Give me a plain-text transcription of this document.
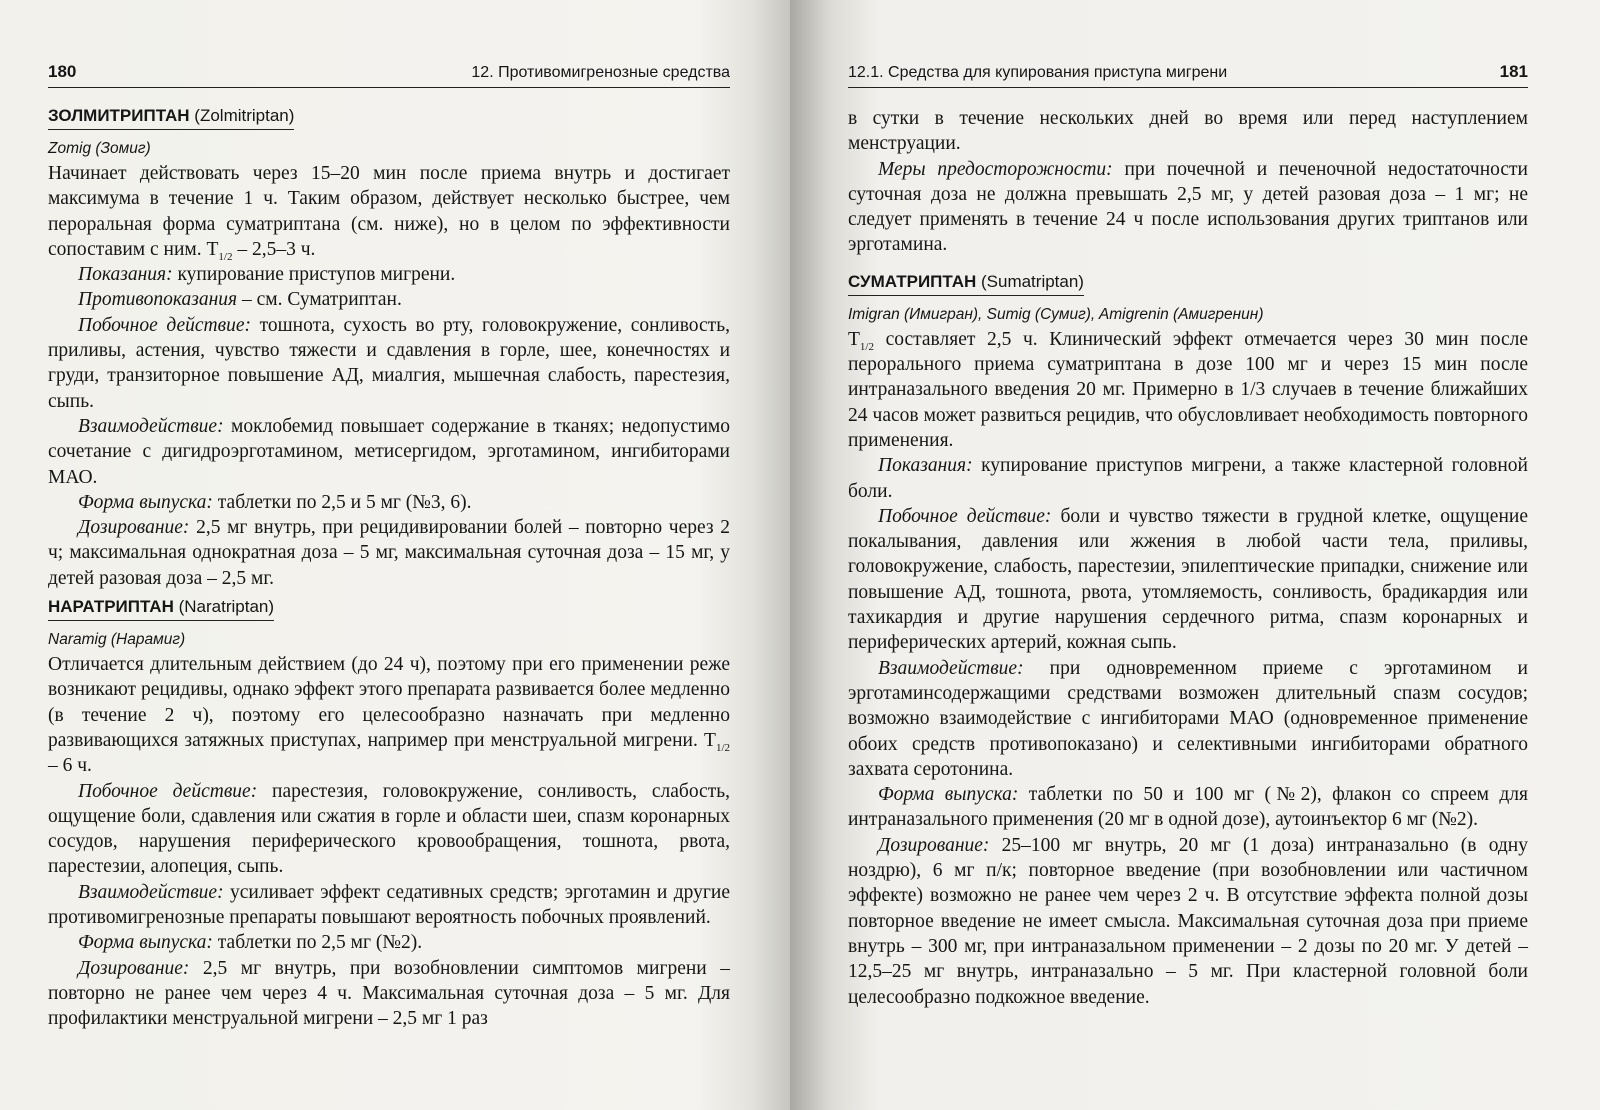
180	12. Противомигренозные средства
ЗОЛМИТРИПТАН (Zolmitriptan)

Zomig (Зомиг)

Начинает действовать через 15–20 мин после приема внутрь и достигает максимума в течение 1 ч. Таким образом, действует несколько быстрее, чем пероральная форма суматриптана (см. ниже), но в целом по эффективности сопоставим с ним. $T_{1/2} - 2,5-3$ ч.

Показания: купирование приступов мигрени.

Противопоказания – см. Суматриптан.

Побочное действие: тошнота, сухость во рту, головокружение, сонливость, приливы, астения, чувство тяжести и сдавления в горле, шее, конечностях и груди, транзиторное повышение АД, миалгия, мышечная слабость, парестезия, сыпь.

Взаимодействие: моклобемид повышает содержание в тканях; недопустимо сочетание с дигидроэрготамином, метисергидом, эрготамином, ингибиторами МАО.

Форма выпуска: таблетки по 2,5 и 5 мг (№3, 6).

Дозирование: 2,5 мг внутрь, при рецидивировании болей – повторно через 2 ч; максимальная однократная доза – 5 мг, максимальная суточная доза – 15 мг, у детей разовая доза – 2,5 мг.

НАРАТРИПТАН (Naratriptan)

Naramig (Нарамиг)

Отличается длительным действием (до 24 ч), поэтому при его применении реже возникают рецидивы, однако эффект этого препарата развивается более медленно (в течение 2 ч), поэтому его целесообразно назначать при медленно развивающихся затяжных приступах, например при менструальной мигрени. $T_{1/2} - 6$ ч.

Побочное действие: парестезия, головокружение, сонливость, слабость, ощущение боли, сдавления или сжатия в горле и области шеи, спазм коронарных сосудов, нарушения периферического кровообращения, тошнота, рвота, парестезии, алопеция, сыпь.

Взаимодействие: усиливает эффект седативных средств; эрготамин и другие противомигренозные препараты повышают вероятность побочных проявлений.

Форма выпуска: таблетки по 2,5 мг (№2).

Дозирование: 2,5 мг внутрь, при возобновлении симптомов мигрени – повторно не ранее чем через 4 ч. Максимальная суточная доза – 5 мг. Для профилактики менструальной мигрени – 2,5 мг 1 раз

12.1. Средства для купирования приступа мигрени	181

в сутки в течение нескольких дней во время или перед наступлением менструации.

Меры предосторожности: при почечной и печеночной недостаточности суточная доза не должна превышать 2,5 мг, у детей разовая доза – 1 мг; не следует применять в течение 24 ч после использования других триптанов или эрготамина.

СУМАТРИПТАН (Sumatriptan)

Imigran (Имигран), Sumig (Сумиг), Amigrenin (Амигренин)

$T_{1/2}$ составляет 2,5 ч. Клинический эффект отмечается через 30 мин после перорального приема суматриптана в дозе 100 мг и через 15 мин после интраназального введения 20 мг. Примерно в 1/3 случаев в течение ближайших 24 часов может развиться рецидив, что обусловливает необходимость повторного применения.

Показания: купирование приступов мигрени, а также кластерной головной боли.

Побочное действие: боли и чувство тяжести в грудной клетке, ощущение покалывания, давления или жжения в любой части тела, приливы, головокружение, слабость, парестезии, эпилептические припадки, снижение или повышение АД, тошнота, рвота, утомляемость, сонливость, брадикардия или тахикардия и другие нарушения сердечного ритма, спазм коронарных и периферических артерий, кожная сыпь.

Взаимодействие: при одновременном приеме с эрготамином и эрготаминсодержащими средствами возможен длительный спазм сосудов; возможно взаимодействие с ингибиторами МАО (одновременное применение обоих средств противопоказано) и селективными ингибиторами обратного захвата серотонина.

Форма выпуска: таблетки по 50 и 100 мг (№2), флакон со спреем для интраназального применения (20 мг в одной дозе), аутоинъектор 6 мг (№2).

Дозирование: 25–100 мг внутрь, 20 мг (1 доза) интраназально (в одну ноздрю), 6 мг п/к; повторное введение (при возобновлении или частичном эффекте) возможно не ранее чем через 2 ч. В отсутствие эффекта полной дозы повторное введение не имеет смысла. Максимальная суточная доза при приеме внутрь – 300 мг, при интраназальном применении – 2 дозы по 20 мг. У детей – 12,5–25 мг внутрь, интраназально – 5 мг. При кластерной головной боли целесообразно подкожное введение.
